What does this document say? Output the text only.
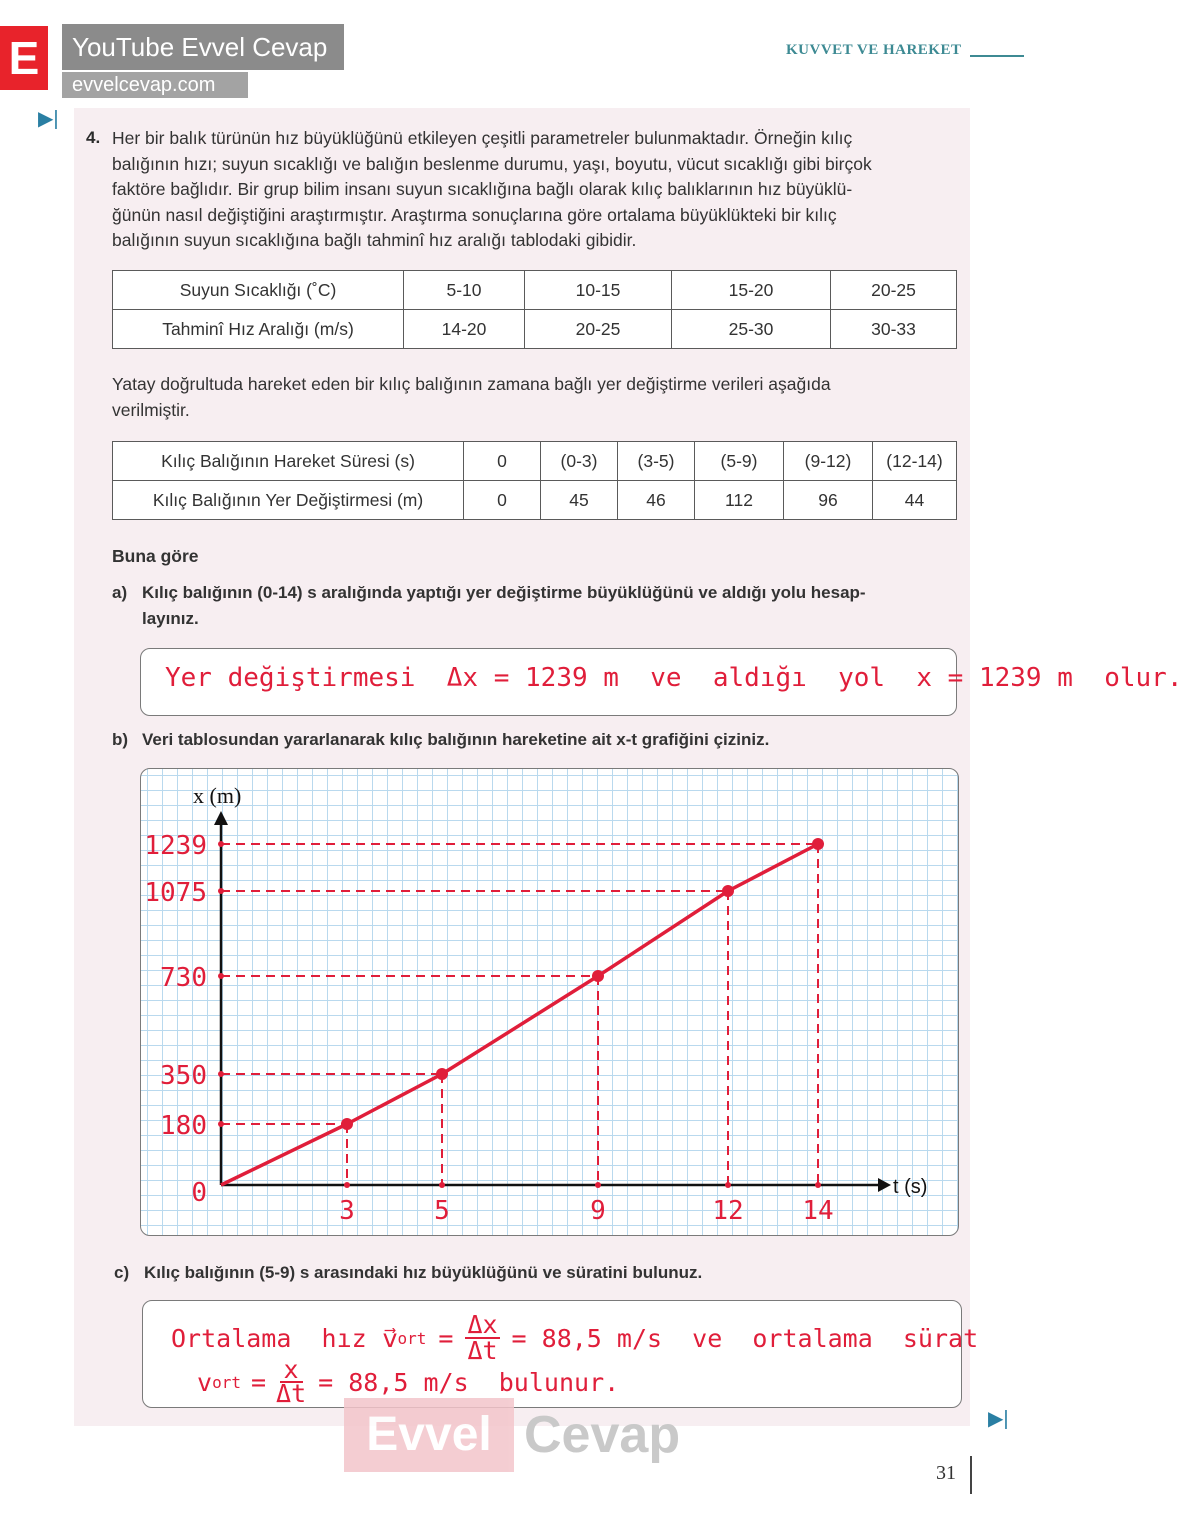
E	YouTube Evvel Cevap
evvelcevap.com
▶|
KUVVET VE HAREKET
4. Her bir balık türünün hız büyüklüğünü etkileyen çeşitli parametreler bulunmaktadır. Örneğin kılıç
balığının hızı; suyun sıcaklığı ve balığın beslenme durumu, yaşı, boyutu, vücut sıcaklığı gibi birçok
faktöre bağlıdır. Bir grup bilim insanı suyun sıcaklığına bağlı olarak kılıç balıklarının hız büyüklü-
ğünün nasıl değiştiğini araştırmıştır. Araştırma sonuçlarına göre ortalama büyüklükteki bir kılıç
balığının suyun sıcaklığına bağlı tahminî hız aralığı tablodaki gibidir.
Suyun Sıcaklığı (˚C)	5-10	10-15	15-20	20-25
Tahminî Hız Aralığı (m/s)	14-20	20-25	25-30	30-33
Yatay doğrultuda hareket eden bir kılıç balığının zamana bağlı yer değiştirme verileri aşağıda
verilmiştir.
Kılıç Balığının Hareket Süresi (s)	0	(0-3)	(3-5)	(5-9)	(9-12)	(12-14)
Kılıç Balığının Yer Değiştirmesi (m)	0	45	46	112	96	44
Buna göre
a) Kılıç balığının (0-14) s aralığında yaptığı yer değiştirme büyüklüğünü ve aldığı yolu hesap-
layınız.
Yer değiştirmesi  Δx = 1239 m  ve  aldığı  yol  x = 1239 m  olur.
b) Veri tablosundan yararlanarak kılıç balığının hareketine ait x-t grafiğini çiziniz.
x (m)
t (s)
0
180
350
730
1075
1239
3	5	9	12 14
c) Kılıç balığının (5-9) s arasındaki hız büyüklüğünü ve süratini bulunuz.
Ortalama  hız v⃗ ort = $\frac{\Delta x}{\Delta t} = 88,5$ m/s  ve  ortalama  sürat
v ort = $\frac{x}{\Delta t} = 88,5$ m/s  bulunur.
▶|
Evvel Cevap
31
